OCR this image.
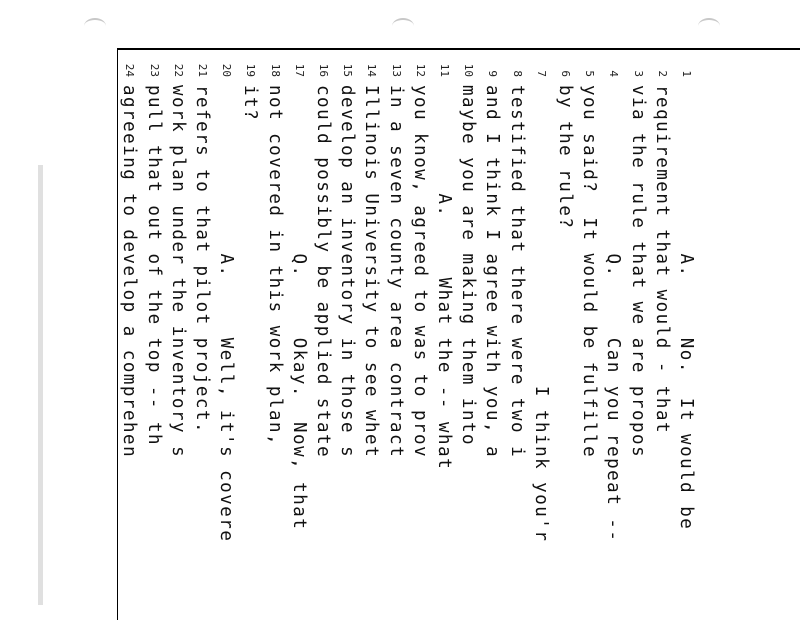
1
A.     No.  It would be
2
requirement that would - that
3
via the rule that we are propos
4
Q.     Can you repeat --
5
you said?  It would be fulfille
6
by the rule?
7
I think you'r
8
testified that there were two i
9
and I think I agree with you, a
10
maybe you are making them into
11
A.     What the -- what
12
you know, agreed to was to prov
13
in a seven county area contract
14
Illinois University to see whet
15
develop an inventory in those s
16
could possibly be applied state
17
Q.     Okay.  Now, that
18
not covered in this work plan,
19
it?
20
A.     Well, it's covere
21
refers to that pilot project.
22
work plan under the inventory s
23
pull that out of the top -- th
24
agreeing to develop a comprehen
